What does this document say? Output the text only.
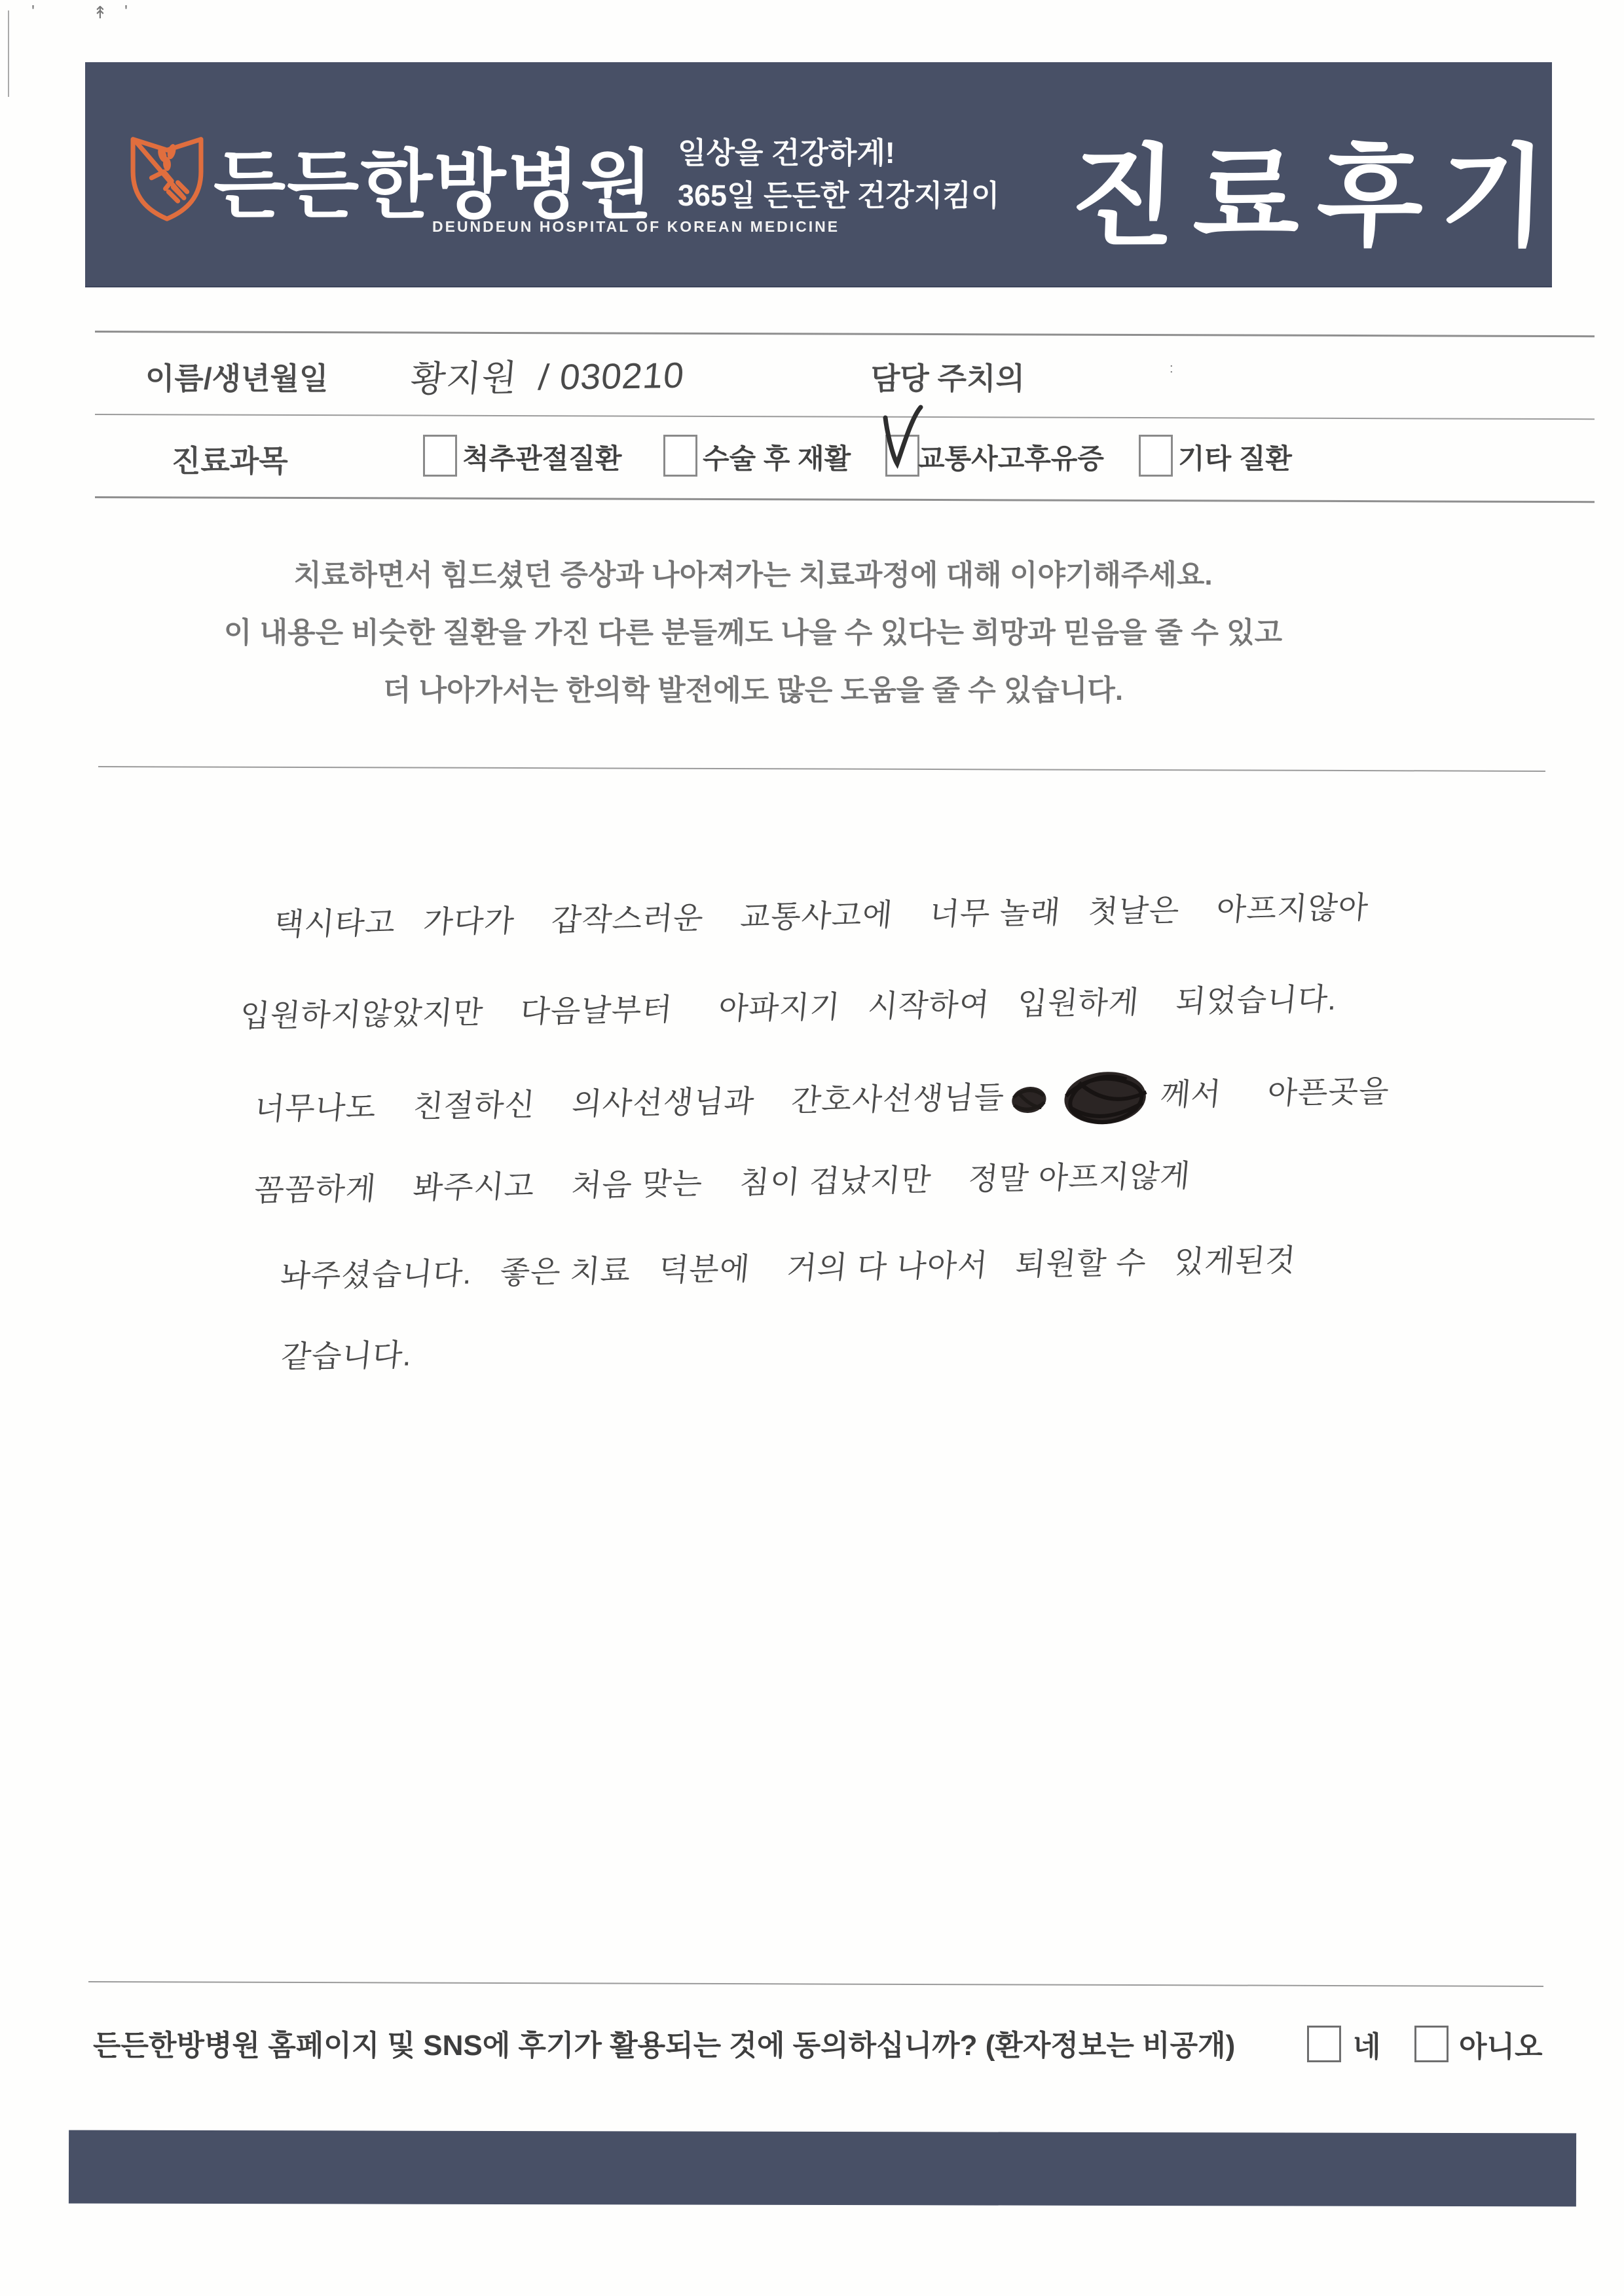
'	↟ '
:
든든한방병원
DEUNDEUN HOSPITAL OF KOREAN MEDICINE
일상을 건강하게!
365일 든든한 건강지킴이 진료후기
이름/생년월일 황지원  / 030210	담당 주치의
진료과목	척추관절질환	수술 후 재활 교통사고후유증	기타 질환
치료하면서 힘드셨던 증상과 나아져가는 치료과정에 대해 이야기해주세요.
이 내용은 비슷한 질환을 가진 다른 분들께도 나을 수 있다는 희망과 믿음을 줄 수 있고
더 나아가서는 한의학 발전에도 많은 도움을 줄 수 있습니다.
택시타고   가다가    갑작스러운    교통사고에    너무 놀래   첫날은    아프지않아
입원하지않았지만    다음날부터     아파지기   시작하여   입원하게    되었습니다.
너무나도    친절하신    의사선생님과    간호사선생님들	께서     아픈곳을
꼼꼼하게    봐주시고    처음 맞는    침이 겁났지만    정말 아프지않게
놔주셨습니다.   좋은 치료   덕분에    거의 다 나아서   퇴원할 수   있게된것
같습니다.
든든한방병원 홈페이지 및 SNS에 후기가 활용되는 것에 동의하십니까? (환자정보는 비공개)	네	아니오
